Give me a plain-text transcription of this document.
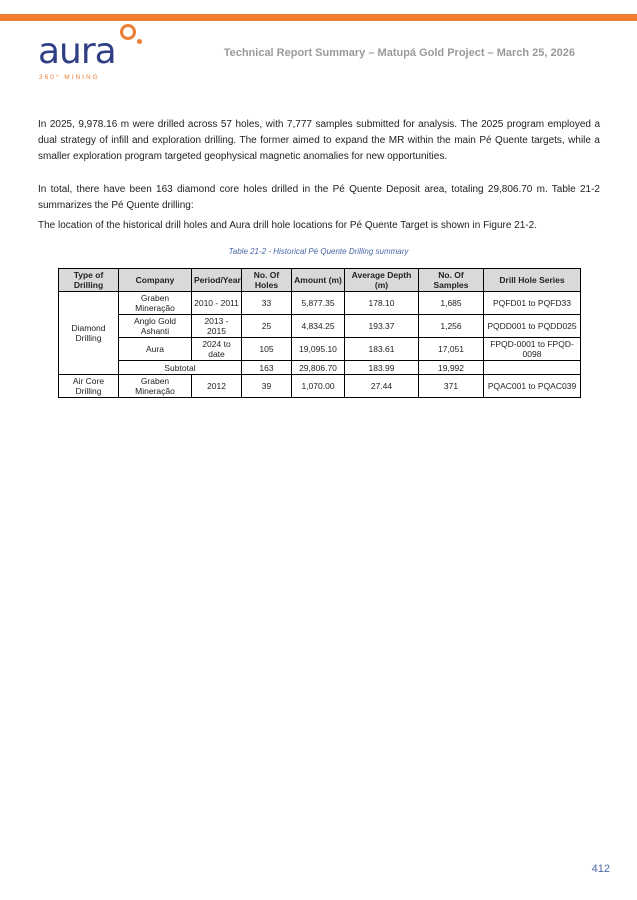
aura
360° MINING
Technical Report Summary – Matupá Gold Project – March 25, 2026

In 2025, 9,978.16 m were drilled across 57 holes, with 7,777 samples submitted for analysis. The 2025 program employed a dual strategy of infill and exploration drilling. The former aimed to expand the MR within the main Pé Quente targets, while a smaller exploration program targeted geophysical magnetic anomalies for new opportunities.

In total, there have been 163 diamond core holes drilled in the Pé Quente Deposit area, totaling 29,806.70 m. Table 21-2 summarizes the Pé Quente drilling:

The location of the historical drill holes and Aura drill hole locations for Pé Quente Target is shown in Figure 21-2.

Table 21-2 - Historical Pé Quente Drilling summary
Type of Drilling	Company	Period/Year	No. Of Holes	Amount (m)	Average Depth (m)	No. Of Samples	Drill Hole Series
Diamond Drilling	Graben Mineração	2010 - 2011	33	5,877.35	178.10	1,685	PQFD01 to PQFD33
	Anglo Gold Ashanti	2013 - 2015	25	4,834.25	193.37	1,256	PQDD001 to PQDD025
	Aura	2024 to date	105	19,095.10	183.61	17,051	FPQD-0001 to FPQD-0098
	Subtotal		163	29,806.70	183.99	19,992	
Air Core Drilling	Graben Mineração	2012	39	1,070.00	27.44	371	PQAC001 to PQAC039
412
